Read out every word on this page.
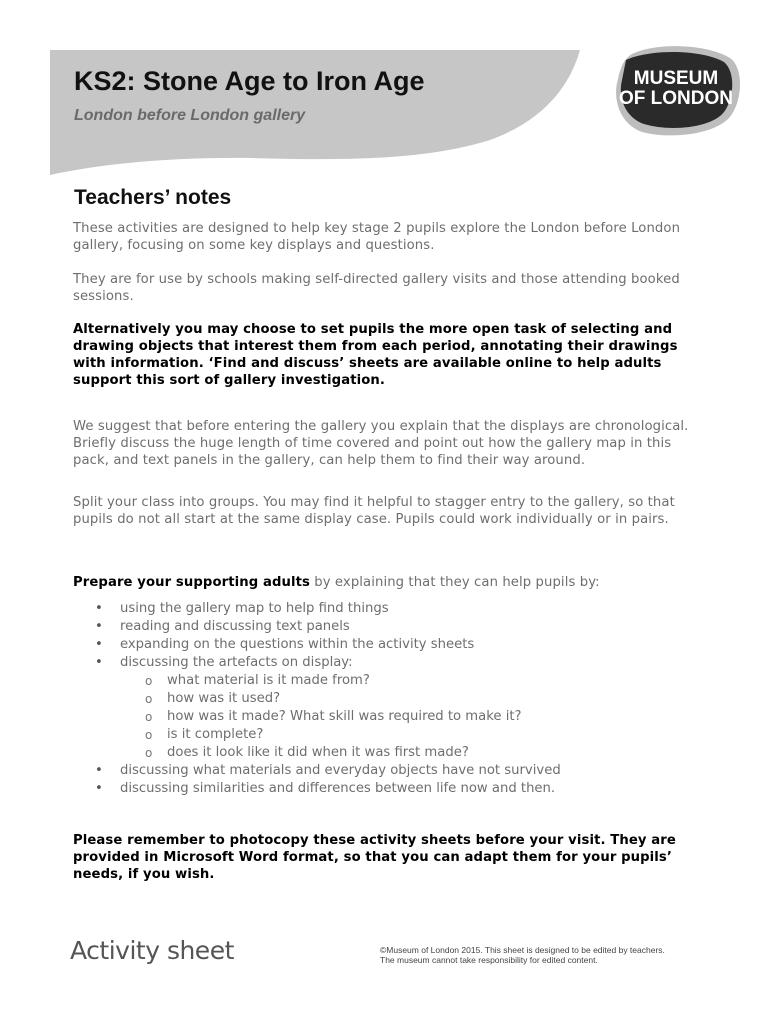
KS2: Stone Age to Iron Age
London before London gallery
MUSEUM
OF LONDON
Teachers’ notes

These activities are designed to help key stage 2 pupils explore the London before London gallery, focusing on some key displays and questions.

They are for use by schools making self-directed gallery visits and those attending booked sessions.

Alternatively you may choose to set pupils the more open task of selecting and drawing objects that interest them from each period, annotating their drawings with information. ‘Find and discuss’ sheets are available online to help adults support this sort of gallery investigation.

We suggest that before entering the gallery you explain that the displays are chronological. Briefly discuss the huge length of time covered and point out how the gallery map in this pack, and text panels in the gallery, can help them to find their way around.

Split your class into groups. You may find it helpful to stagger entry to the gallery, so that pupils do not all start at the same display case. Pupils could work individually or in pairs.

Prepare your supporting adults by explaining that they can help pupils by:

• using the gallery map to help find things
• reading and discussing text panels
• expanding on the questions within the activity sheets
• discussing the artefacts on display:
o what material is it made from?
o how was it used?
o how was it made? What skill was required to make it?
o is it complete?
o does it look like it did when it was first made?
• discussing what materials and everyday objects have not survived
• discussing similarities and differences between life now and then.

Please remember to photocopy these activity sheets before your visit. They are provided in Microsoft Word format, so that you can adapt them for your pupils’ needs, if you wish.

Activity sheet	©Museum of London 2015. This sheet is designed to be edited by teachers.
The museum cannot take responsibility for edited content.
